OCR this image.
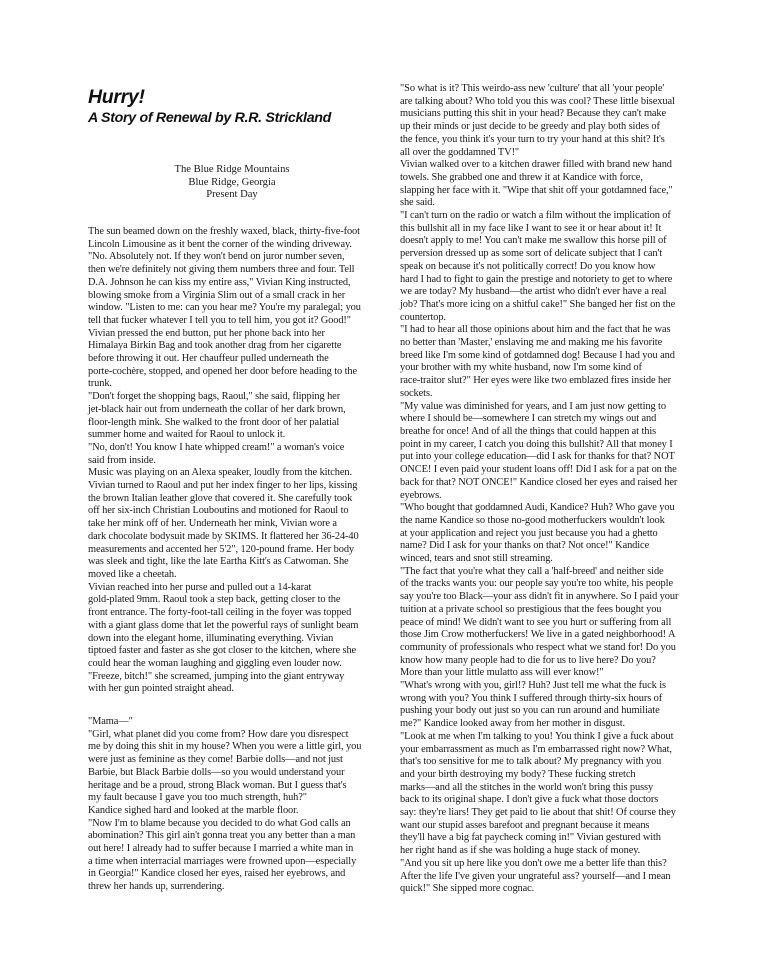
Hurry!
A Story of Renewal by R.R. Strickland
The Blue Ridge Mountains
Blue Ridge, Georgia
Present Day

The sun beamed down on the freshly waxed, black, thirty-five-foot
Lincoln Limousine as it bent the corner of the winding driveway.

"No. Absolutely not. If they won't bend on juror number seven,
then we're definitely not giving them numbers three and four. Tell
D.A. Johnson he can kiss my entire ass," Vivian King instructed,
blowing smoke from a Virginia Slim out of a small crack in her
window. "Listen to me: can you hear me? You're my paralegal; you
tell that fucker whatever I tell you to tell him, you got it? Good!"
Vivian pressed the end button, put her phone back into her
Himalaya Birkin Bag and took another drag from her cigarette
before throwing it out. Her chauffeur pulled underneath the
porte-cochère, stopped, and opened her door before heading to the
trunk.

"Don't forget the shopping bags, Raoul," she said, flipping her
jet-black hair out from underneath the collar of her dark brown,
floor-length mink. She walked to the front door of her palatial
summer home and waited for Raoul to unlock it.

"No, don't! You know I hate whipped cream!" a woman's voice
said from inside.

Music was playing on an Alexa speaker, loudly from the kitchen.
Vivian turned to Raoul and put her index finger to her lips, kissing
the brown Italian leather glove that covered it. She carefully took
off her six-inch Christian Louboutins and motioned for Raoul to
take her mink off of her. Underneath her mink, Vivian wore a
dark chocolate bodysuit made by SKIMS. It flattered her 36-24-40
measurements and accented her 5'2", 120-pound frame. Her body
was sleek and tight, like the late Eartha Kitt's as Catwoman. She
moved like a cheetah.

Vivian reached into her purse and pulled out a 14-karat
gold-plated 9mm. Raoul took a step back, getting closer to the
front entrance. The forty-foot-tall ceiling in the foyer was topped
with a giant glass dome that let the powerful rays of sunlight beam
down into the elegant home, illuminating everything. Vivian
tiptoed faster and faster as she got closer to the kitchen, where she
could hear the woman laughing and giggling even louder now.

"Freeze, bitch!" she screamed, jumping into the giant entryway
with her gun pointed straight ahead.

"Mama—"

"Girl, what planet did you come from? How dare you disrespect
me by doing this shit in my house? When you were a little girl, you
were just as feminine as they come! Barbie dolls—and not just
Barbie, but Black Barbie dolls—so you would understand your
heritage and be a proud, strong Black woman. But I guess that's
my fault because I gave you too much strength, huh?"

Kandice sighed hard and looked at the marble floor.

"Now I'm to blame because you decided to do what God calls an
abomination? This girl ain't gonna treat you any better than a man
out here! I already had to suffer because I married a white man in
a time when interracial marriages were frowned upon—especially
in Georgia!" Kandice closed her eyes, raised her eyebrows, and
threw her hands up, surrendering.

"So what is it? This weirdo-ass new 'culture' that all 'your people'
are talking about? Who told you this was cool? These little bisexual
musicians putting this shit in your head? Because they can't make
up their minds or just decide to be greedy and play both sides of
the fence, you think it's your turn to try your hand at this shit? It's
all over the goddamned TV!"

Vivian walked over to a kitchen drawer filled with brand new hand
towels. She grabbed one and threw it at Kandice with force,
slapping her face with it. "Wipe that shit off your gotdamned face,"
she said.

"I can't turn on the radio or watch a film without the implication of
this bullshit all in my face like I want to see it or hear about it! It
doesn't apply to me! You can't make me swallow this horse pill of
perversion dressed up as some sort of delicate subject that I can't
speak on because it's not politically correct! Do you know how
hard I had to fight to gain the prestige and notoriety to get to where
we are today? My husband—the artist who didn't ever have a real
job? That's more icing on a shitful cake!" She banged her fist on the
countertop.

"I had to hear all those opinions about him and the fact that he was
no better than 'Master,' enslaving me and making me his favorite
breed like I'm some kind of gotdamned dog! Because I had you and
your brother with my white husband, now I'm some kind of
race-traitor slut?" Her eyes were like two emblazed fires inside her
sockets.

"My value was diminished for years, and I am just now getting to
where I should be—somewhere I can stretch my wings out and
breathe for once! And of all the things that could happen at this
point in my career, I catch you doing this bullshit? All that money I
put into your college education—did I ask for thanks for that? NOT
ONCE! I even paid your student loans off! Did I ask for a pat on the
back for that? NOT ONCE!" Kandice closed her eyes and raised her
eyebrows.

"Who bought that goddamned Audi, Kandice? Huh? Who gave you
the name Kandice so those no-good motherfuckers wouldn't look
at your application and reject you just because you had a ghetto
name? Did I ask for your thanks on that? Not once!" Kandice
winced, tears and snot still streaming.

"The fact that you're what they call a 'half-breed' and neither side
of the tracks wants you: our people say you're too white, his people
say you're too Black—your ass didn't fit in anywhere. So I paid your
tuition at a private school so prestigious that the fees bought you
peace of mind! We didn't want to see you hurt or suffering from all
those Jim Crow motherfuckers! We live in a gated neighborhood! A
community of professionals who respect what we stand for! Do you
know how many people had to die for us to live here? Do you?
More than your little mulatto ass will ever know!"

"What's wrong with you, girl!? Huh? Just tell me what the fuck is
wrong with you? You think I suffered through thirty-six hours of
pushing your body out just so you can run around and humiliate
me?" Kandice looked away from her mother in disgust.

"Look at me when I'm talking to you! You think I give a fuck about
your embarrassment as much as I'm embarrassed right now? What,
that's too sensitive for me to talk about? My pregnancy with you
and your birth destroying my body? These fucking stretch
marks—and all the stitches in the world won't bring this pussy
back to its original shape. I don't give a fuck what those doctors
say: they're liars! They get paid to lie about that shit! Of course they
want our stupid asses barefoot and pregnant because it means
they'll have a big fat paycheck coming in!" Vivian gestured with
her right hand as if she was holding a huge stack of money.

"And you sit up here like you don't owe me a better life than this?
After the life I've given your ungrateful ass? yourself—and I mean
quick!" She sipped more cognac.
